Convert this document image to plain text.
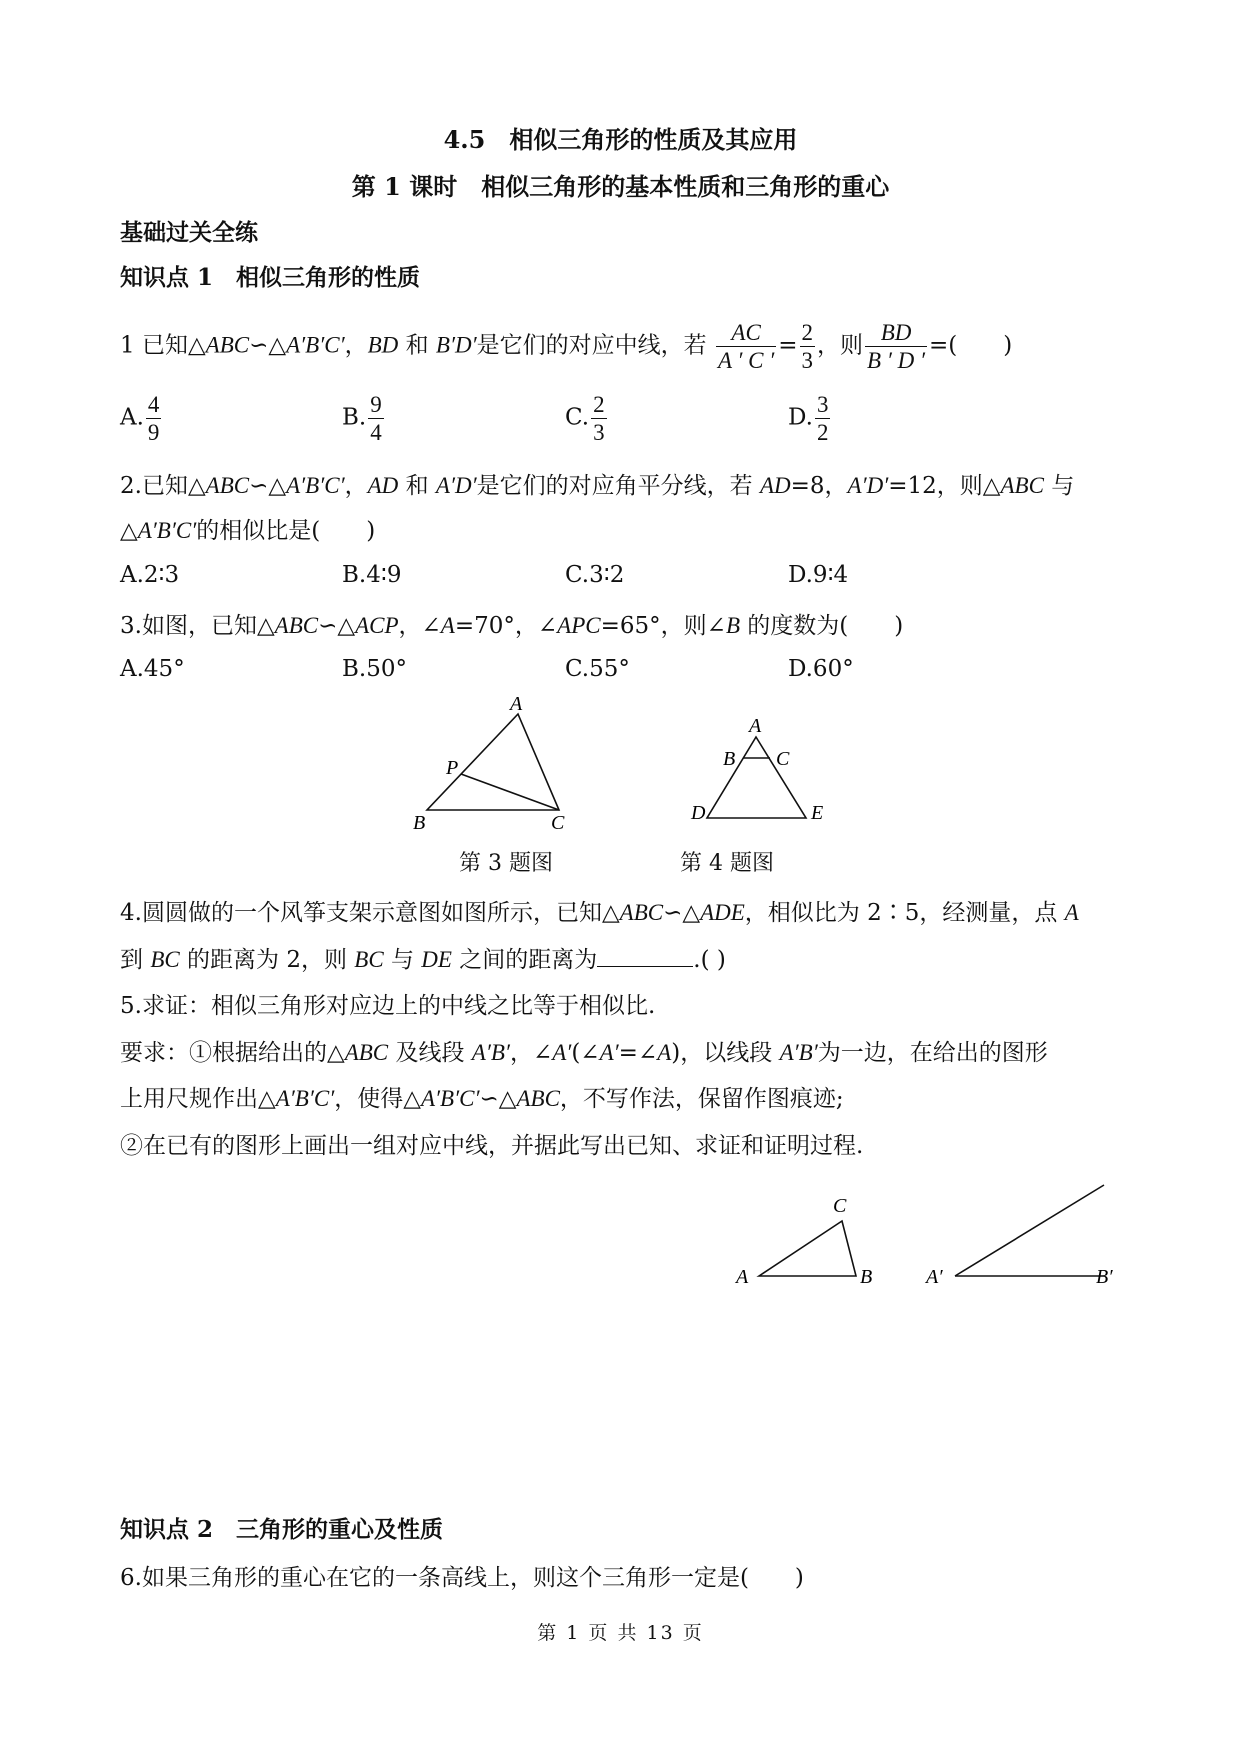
4.5　相似三角形的性质及其应用
第 1 课时　相似三角形的基本性质和三角形的重心
基础过关全练
知识点 1　相似三角形的性质
1 已知△ABC∽△A′B′C′，BD 和 B′D′是它们的对应中线，若 $\frac{AC}{A ' C '} = \frac{2}{3}$ ，则 $\frac{BD}{B ' D '}$ =(　　)
A. $\frac{4}{9}$	B. $\frac{9}{4}$	C. $\frac{2}{3}$	D. $\frac{3}{2}$
2.已知△ABC∽△A′B′C′，AD 和 A′D′是它们的对应角平分线，若 AD=8，A′D′=12，则△ABC 与
△A′B′C′的相似比是(　　)
A.2∶3	B.4∶9	C.3∶2	D.9∶4
3.如图，已知△ABC∽△ACP，∠A=70°，∠APC=65°，则∠B 的度数为(　　)
A.45°	B.50°	C.55°	D.60°
A
P
B	C
第 3 题图
A
B C
D	E
第 4 题图
4.圆圆做的一个风筝支架示意图如图所示，已知△ABC∽△ADE，相似比为 2∶5，经测量，点 A
到 BC 的距离为 2，则 BC 与 DE 之间的距离为	.( )
5.求证：相似三角形对应边上的中线之比等于相似比.
要求：①根据给出的△ABC 及线段 A′B′，∠A′(∠A′=∠A)，以线段 A′B′为一边，在给出的图形
上用尺规作出△A′B′C′，使得△A′B′C′∽△ABC，不写作法，保留作图痕迹;
②在已有的图形上画出一组对应中线，并据此写出已知、求证和证明过程.
C
A	B	A′	B′
知识点 2　三角形的重心及性质
6.如果三角形的重心在它的一条高线上，则这个三角形一定是(　　)
第 1 页 共 13 页
